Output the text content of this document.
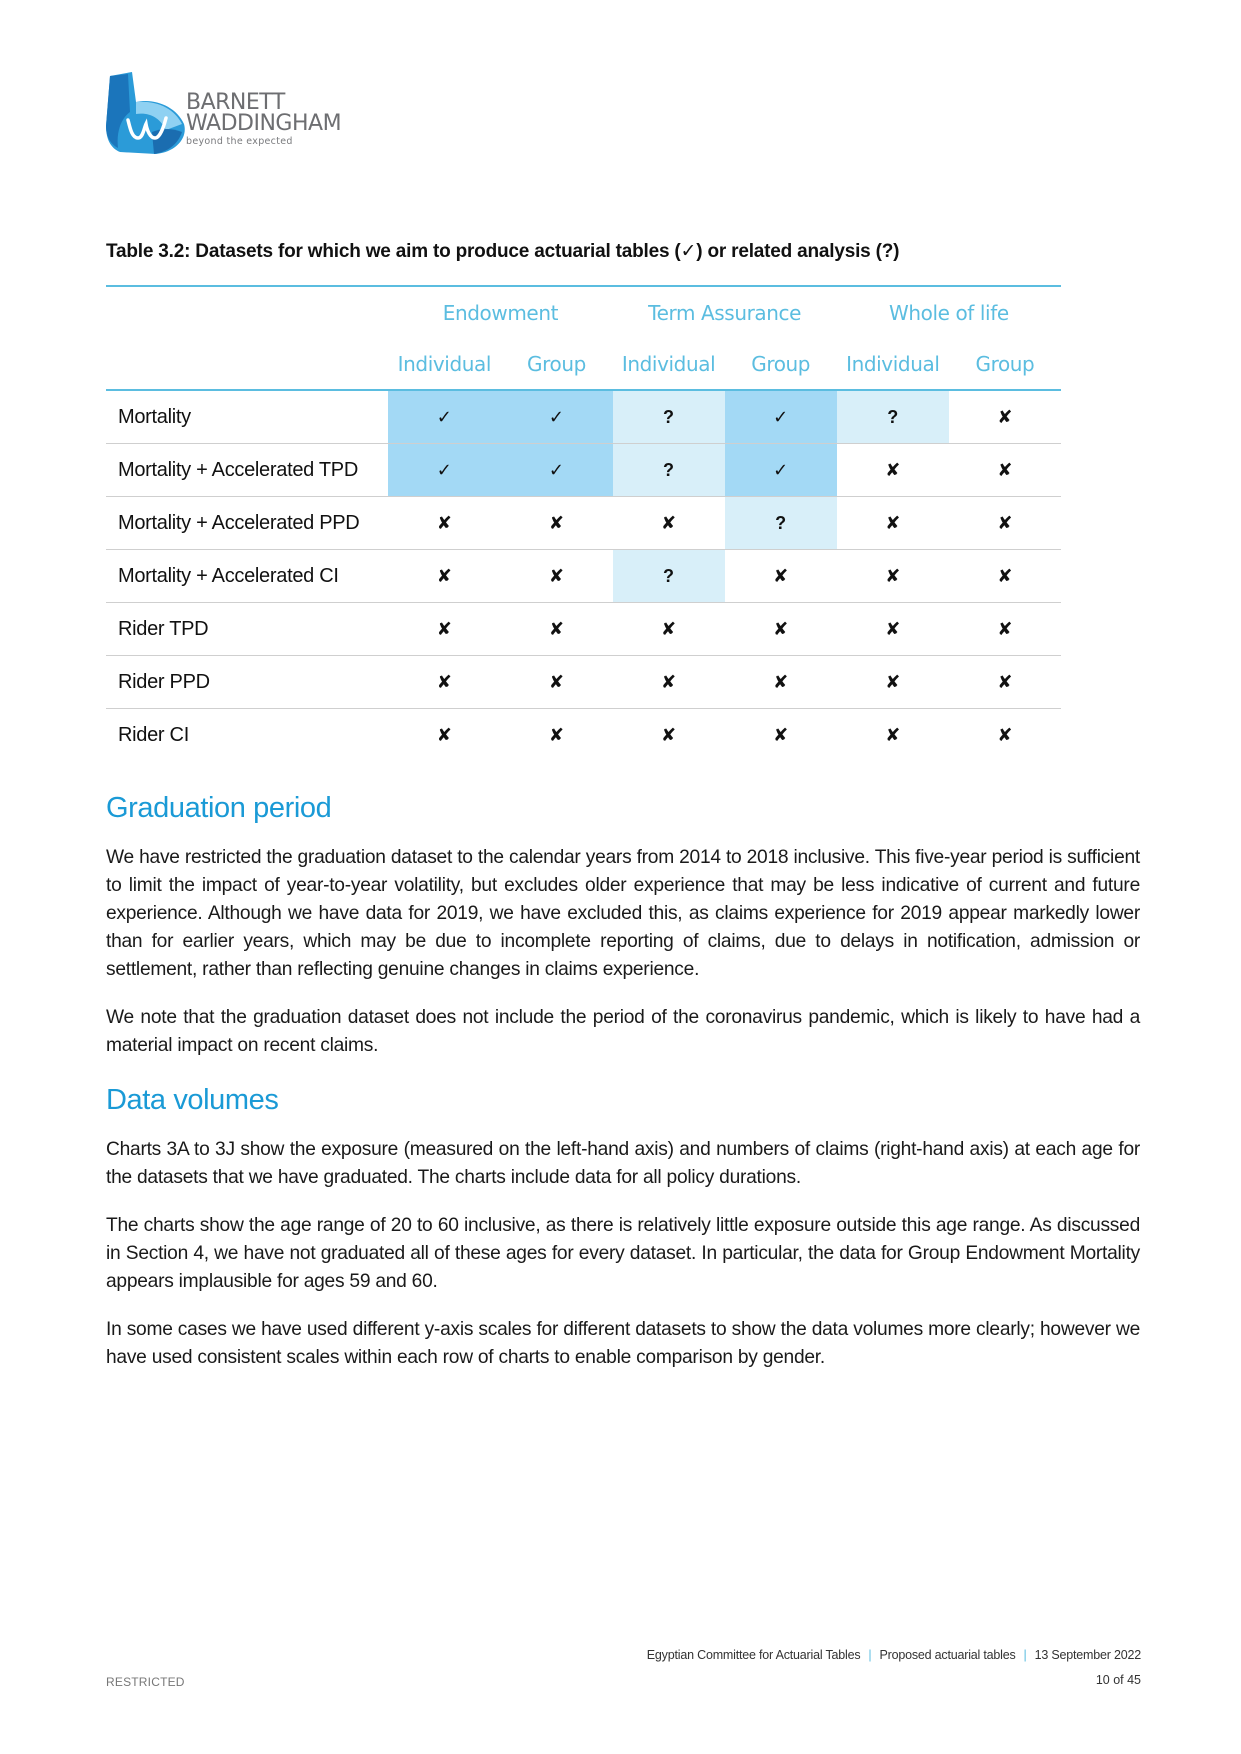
BARNETT
WADDINGHAM
beyond the expected
Table 3.2: Datasets for which we aim to produce actuarial tables (✓) or related analysis (?)
	Endowment		Term Assurance		Whole of life	
	Individual	Group	Individual	Group	Individual	Group
Mortality	✓	✓	?	✓	?	✘
Mortality + Accelerated TPD	✓	✓	?	✓	✘	✘
Mortality + Accelerated PPD	✘	✘	✘	?	✘	✘
Mortality + Accelerated CI	✘	✘	?	✘	✘	✘
Rider TPD	✘	✘	✘	✘	✘	✘
Rider PPD	✘	✘	✘	✘	✘	✘
Rider CI	✘	✘	✘	✘	✘	✘
Graduation period

We have restricted the graduation dataset to the calendar years from 2014 to 2018 inclusive. This five-year period is sufficient to limit the impact of year-to-year volatility, but excludes older experience that may be less indicative of current and future experience. Although we have data for 2019, we have excluded this, as claims experience for 2019 appear markedly lower than for earlier years, which may be due to incomplete reporting of claims, due to delays in notification, admission or settlement, rather than reflecting genuine changes in claims experience.

We note that the graduation dataset does not include the period of the coronavirus pandemic, which is likely to have had a material impact on recent claims.

Data volumes

Charts 3A to 3J show the exposure (measured on the left-hand axis) and numbers of claims (right-hand axis) at each age for the datasets that we have graduated. The charts include data for all policy durations.

The charts show the age range of 20 to 60 inclusive, as there is relatively little exposure outside this age range. As discussed in Section 4, we have not graduated all of these ages for every dataset. In particular, the data for Group Endowment Mortality appears implausible for ages 59 and 60.

In some cases we have used different y-axis scales for different datasets to show the data volumes more clearly; however we have used consistent scales within each row of charts to enable comparison by gender.

Egyptian Committee for Actuarial Tables | Proposed actuarial tables | 13 September 2022
10 of 45
RESTRICTED
